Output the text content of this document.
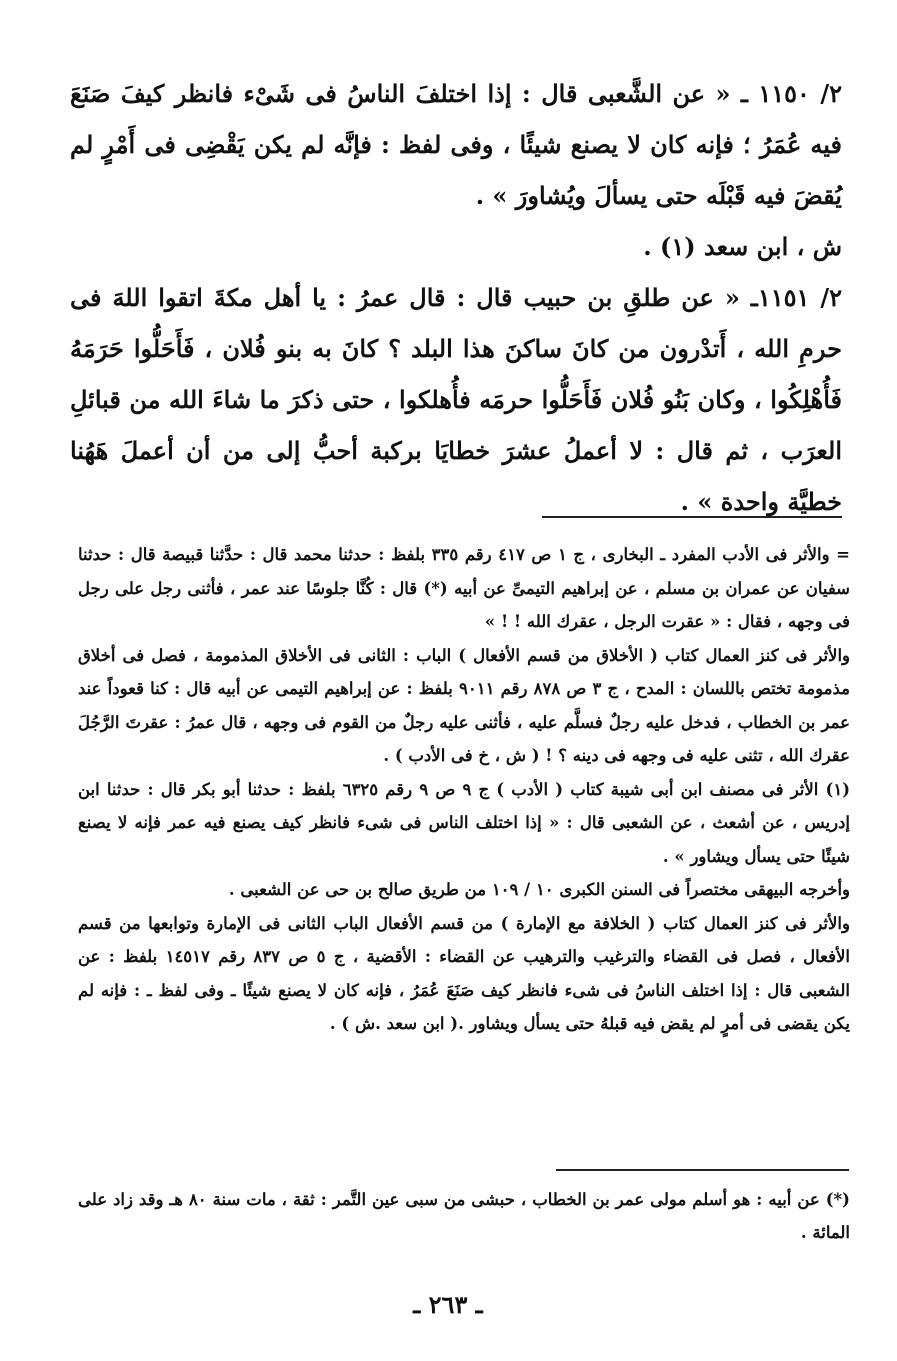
٢/ ١١٥٠ ـ « عن الشَّعبى قال : إذا اختلفَ الناسُ فى شَىْء فانظر كيفَ صَنَعَ فيه عُمَرُ ؛ فإنه كان لا يصنع شيئًا ، وفى لفظ : فإنَّه لم يكن يَقْضِى فى أَمْرٍ لم يُقضَ فيه قَبْلَه حتى يسألَ ويُشاورَ » .

ش ، ابن سعد (١) .

٢/ ١١٥١ـ « عن طلقِ بن حبيب قال : قال عمرُ : يا أهل مكةَ اتقوا اللهَ فى حرمِ الله ، أَتدْرون من كانَ ساكنَ هذا البلد ؟ كانَ به بنو فُلان ، فَأَحَلُّوا حَرَمَهُ فَأُهْلِكُوا ، وكان بَنُو فُلان فَأَحَلُّوا حرمَه فأُهلكوا ، حتى ذكرَ ما شاءَ الله من قبائلِ العرَب ، ثم قال : لا أعملُ عشرَ خطايَا بركبة أحبُّ إلى من أن أعملَ هَهُنا خطيَّة واحدة » .

= والأثر فى الأدب المفرد ـ البخارى ، ج ١ ص ٤١٧ رقم ٣٣٥ بلفظ : حدثنا محمد قال : حدَّثنا قبيصة قال : حدثنا سفيان عن عمران بن مسلم ، عن إبراهيم التيمىِّ عن أبيه (*) قال : كُنَّا جلوسًا عند عمر ، فأثنى رجل على رجل فى وجهه ، فقال : « عقرت الرجل ، عقرك الله ! ! »

والأثر فى كنز العمال كتاب ( الأخلاق من قسم الأفعال ) الباب : الثانى فى الأخلاق المذمومة ، فصل فى أخلاق مذمومة تختص باللسان : المدح ، ج ٣ ص ٨٧٨ رقم ٩٠١١ بلفظ : عن إبراهيم التيمى عن أبيه قال : كنا قعوداً عند عمر بن الخطاب ، فدخل عليه رجلٌ فسلَّم عليه ، فأثنى عليه رجلٌ من القوم فى وجهه ، قال عمرُ : عقرتَ الرَّجُلَ عقرك الله ، تثنى عليه فى وجهه فى دينه ؟ ! ( ش ، خ فى الأدب ) .

(١) الأثر فى مصنف ابن أبى شيبة كتاب ( الأدب ) ج ٩ ص ٩ رقم ٦٣٢٥ بلفظ : حدثنا أبو بكر قال : حدثنا ابن إدريس ، عن أشعث ، عن الشعبى قال : « إذا اختلف الناس فى شىء فانظر كيف يصنع فيه عمر فإنه لا يصنع شيئًا حتى يسأل ويشاور » .

وأخرجه البيهقى مختصراً فى السنن الكبرى ١٠ / ١٠٩ من طريق صالح بن حى عن الشعبى .

والأثر فى كنز العمال كتاب ( الخلافة مع الإمارة ) من قسم الأفعال الباب الثانى فى الإمارة وتوابعها من قسم الأفعال ، فصل فى القضاء والترغيب والترهيب عن القضاء : الأقضية ، ج ٥ ص ٨٣٧ رقم ١٤٥١٧ بلفظ : عن الشعبى قال : إذا اختلف الناسُ فى شىء فانظر كيف صَنَعَ عُمَرُ ، فإنه كان لا يصنع شيئًا ـ وفى لفظ ـ : فإنه لم يكن يقضى فى أمرٍ لم يقض فيه قبلهُ حتى يسأل ويشاور .( ابن سعد .ش ) .

(*) عن أبيه : هو أسلم مولى عمر بن الخطاب ، حبشى من سبى عين التَّمر : ثقة ، مات سنة ٨٠ هـ وقد زاد على المائة .

ـ ٢٦٣ ـ
